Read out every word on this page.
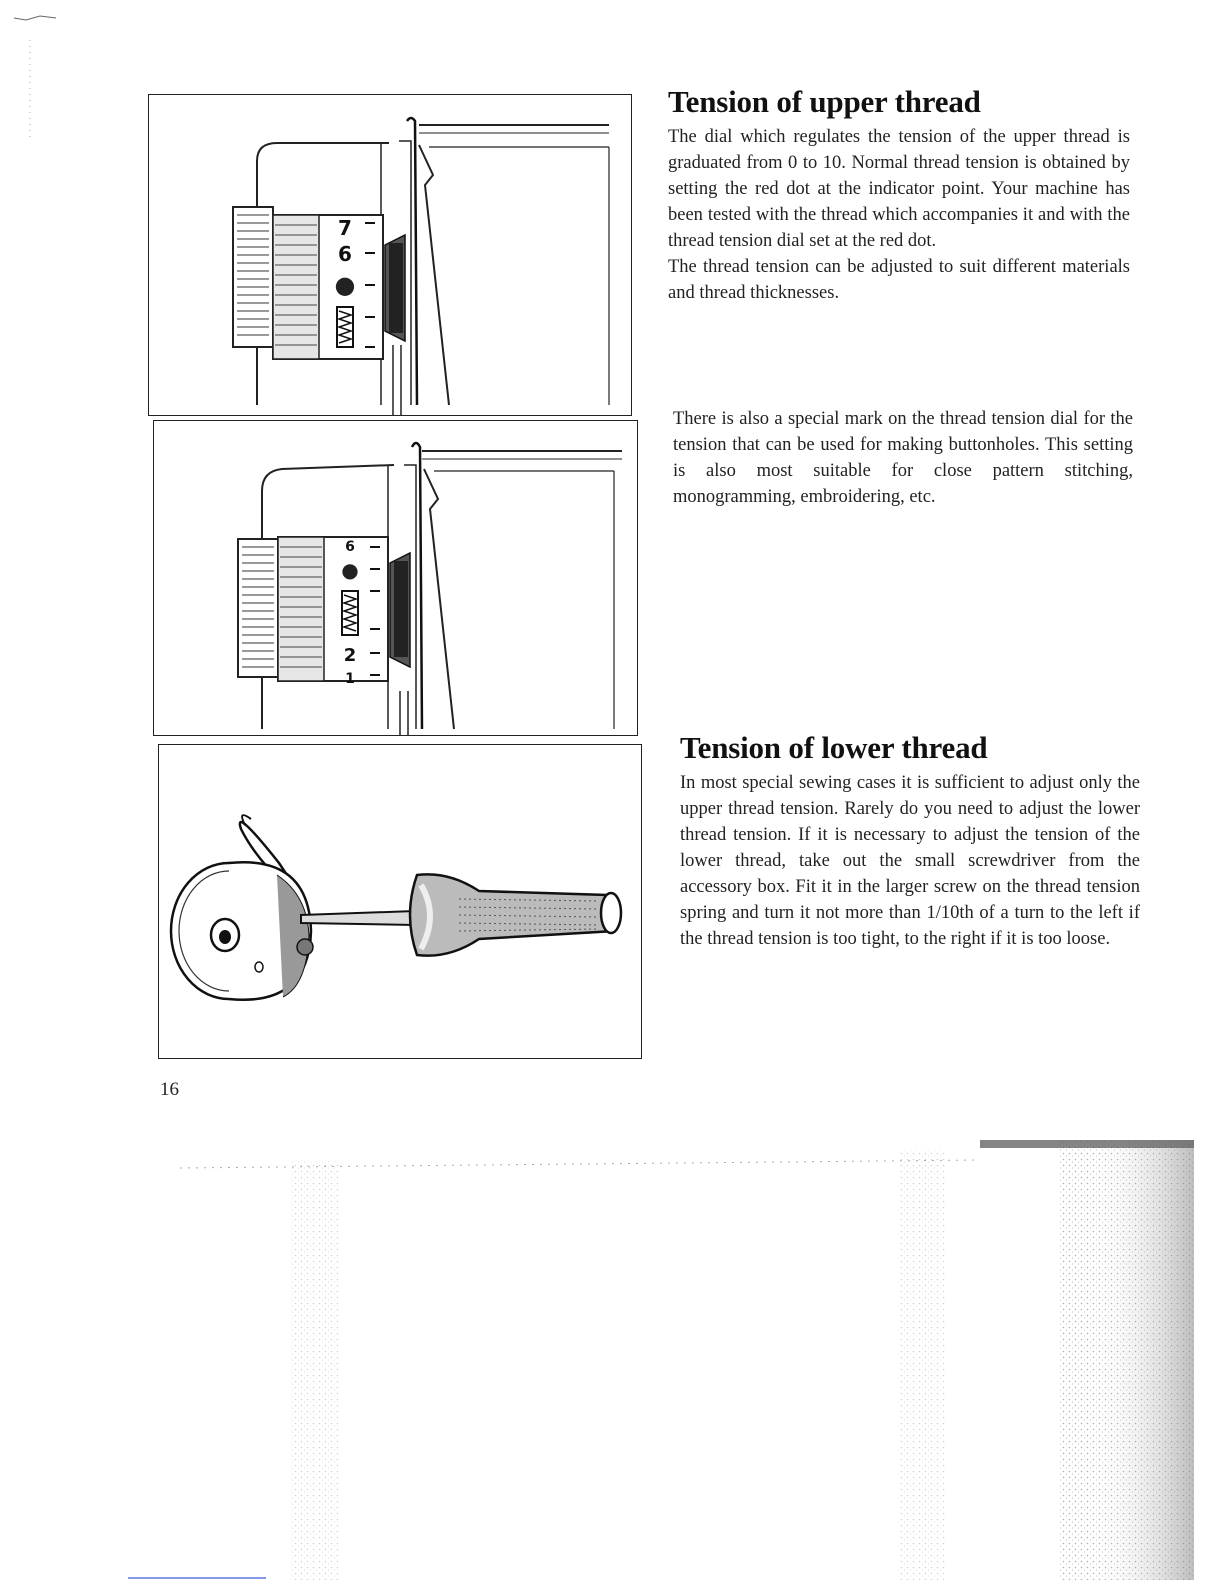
7
6
●
6
●
2
1
Tension of upper thread
The dial which regulates the tension of the upper thread is graduated from 0 to 10. Normal thread tension is obtained by setting the red dot at the indicator point. Your machine has been tested with the thread which accompanies it and with the thread tension dial set at the red dot.
The thread tension can be adjusted to suit different materials and thread thicknesses.

There is also a special mark on the thread tension dial for the tension that can be used for making buttonholes. This setting is also most suitable for close pattern stitching, monogramming, embroidering, etc.

Tension of lower thread

In most special sewing cases it is sufficient to adjust only the upper thread tension. Rarely do you need to adjust the lower thread tension. If it is necessary to adjust the tension of the lower thread, take out the small screwdriver from the accessory box. Fit it in the larger screw on the thread tension spring and turn it not more than 1/10th of a turn to the left if the thread tension is too tight, to the right if it is too loose.

16
